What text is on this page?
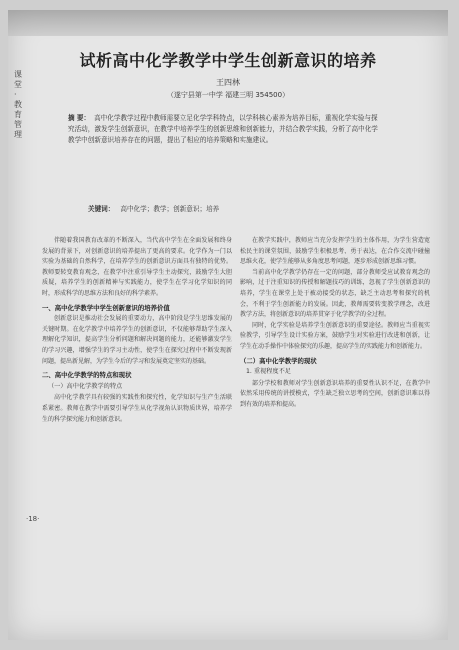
课
堂
·
教
育
管
理
试析高中化学教学中学生创新意识的培养
王四林
（遂宁县第一中学 福建三明 354500）
摘 要： 高中化学教学过程中教师需要立足化学学科特点，以学科核心素养为培养目标，重视化学实验与探究活动，激发学生创新意识，在教学中培养学生的创新思维和创新能力，并结合教学实践，分析了高中化学教学中创新意识培养存在的问题，提出了相应的培养策略和实施建议。
关键词： 高中化学；教学；创新意识；培养

伴随着我国教育改革的不断深入，当代高中学生在全面发展和终身发展的背景下，对创新意识的培养提出了更高的要求。化学作为一门以实验为基础的自然科学，在培养学生的创新意识方面具有独特的优势。教师要转变教育观念，在教学中注重引导学生主动探究，鼓励学生大胆质疑，培养学生的创新精神与实践能力，使学生在学习化学知识的同时，形成科学的思维方法和良好的科学素养。

一、高中化学教学中学生创新意识的培养价值

创新意识是推动社会发展的重要动力，高中阶段是学生思维发展的关键时期。在化学教学中培养学生的创新意识，不仅能够帮助学生深入理解化学知识，提高学生分析问题和解决问题的能力，还能够激发学生的学习兴趣，增强学生的学习主动性，使学生在探究过程中不断发现新问题，提出新见解，为学生今后的学习和发展奠定坚实的基础。

二、高中化学教学的特点和现状
（一）高中化学教学的特点

高中化学教学具有较强的实践性和探究性，化学知识与生产生活联系紧密。教师在教学中需要引导学生从化学视角认识物质世界，培养学生的科学探究能力和创新意识。

在教学实践中，教师应当充分发挥学生的主体作用，为学生营造宽松民主的课堂氛围，鼓励学生积极思考、勇于表达，在合作交流中碰撞思维火花，使学生能够从多角度思考问题，逐步形成创新思维习惯。

当前高中化学教学仍存在一定的问题，部分教师受应试教育观念的影响，过于注重知识的传授和解题技巧的训练，忽视了学生创新意识的培养，学生在课堂上处于被动接受的状态，缺乏主动思考和探究的机会，不利于学生创新能力的发展。因此，教师需要转变教学理念，改进教学方法，将创新意识的培养贯穿于化学教学的全过程。

同时，化学实验是培养学生创新意识的重要途径。教师应当重视实验教学，引导学生设计实验方案，鼓励学生对实验进行改进和创新，让学生在动手操作中体验探究的乐趣，提高学生的实践能力和创新能力。

（二）高中化学教学的现状
1. 重视程度不足

部分学校和教师对学生创新意识培养的重要性认识不足，在教学中依然采用传统的讲授模式，学生缺乏独立思考的空间，创新意识难以得到有效的培养和提高。

·18·
